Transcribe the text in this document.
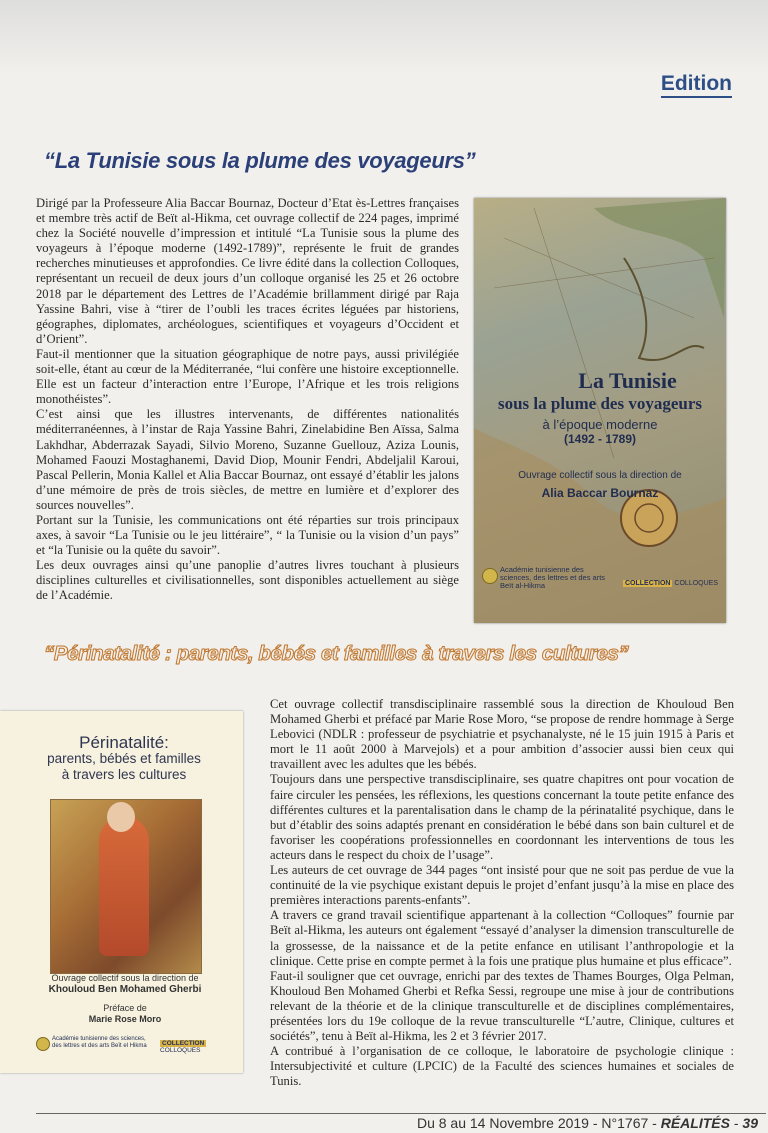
Edition
“La Tunisie sous la plume des voyageurs”

Dirigé par la Professeure Alia Baccar Bournaz, Docteur d’Etat ès-Lettres françaises et membre très actif de Beït al-Hikma, cet ouvrage collectif de 224 pages, imprimé chez la Société nouvelle d’impression et intitulé “La Tunisie sous la plume des voyageurs à l’époque moderne (1492-1789)”, représente le fruit de grandes recherches minutieuses et approfondies. Ce livre édité dans la collection Colloques, représentant un recueil de deux jours d’un colloque organisé les 25 et 26 octobre 2018 par le département des Lettres de l’Académie brillamment dirigé par Raja Yassine Bahri, vise à “tirer de l’oubli les traces écrites léguées par historiens, géographes, diplomates, archéologues, scientifiques et voyageurs d’Occident et d’Orient”.

Faut-il mentionner que la situation géographique de notre pays, aussi privilégiée soit-elle, étant au cœur de la Méditerranée, “lui confère une histoire exceptionnelle. Elle est un facteur d’interaction entre l’Europe, l’Afrique et les trois religions monothéistes”.

C’est ainsi que les illustres intervenants, de différentes nationalités méditerranéennes, à l’instar de Raja Yassine Bahri, Zinelabidine Ben Aïssa, Salma Lakhdhar, Abderrazak Sayadi, Silvio Moreno, Suzanne Guellouz, Aziza Lounis, Mohamed Faouzi Mostaghanemi, David Diop, Mounir Fendri, Abdeljalil Karoui, Pascal Pellerin, Monia Kallel et Alia Baccar Bournaz, ont essayé d’établir les jalons d’une mémoire de près de trois siècles, de mettre en lumière et d’explorer des sources nouvelles”.

Portant sur la Tunisie, les communications ont été réparties sur trois principaux axes, à savoir “La Tunisie ou le jeu littéraire”, “ la Tunisie ou la vision d’un pays” et “la Tunisie ou la quête du savoir”.

Les deux ouvrages ainsi qu’une panoplie d’autres livres touchant à plusieurs disciplines culturelles et civilisationnelles, sont disponibles actuellement au siège de l’Académie.

La Tunisie
sous la plume des voyageurs
à l’époque moderne
(1492 - 1789)
Ouvrage collectif sous la direction de
Alia Baccar Bournaz
Académie tunisienne des sciences, des lettres et des arts Beït al-Hikma	COLLECTION COLLOQUES
“Périnatalité : parents, bébés et familles à travers les cultures”
Périnatalité:
parents, bébés et familles
à travers les cultures
Ouvrage collectif sous la direction de
Khouloud Ben Mohamed Gherbi
Préface de
Marie Rose Moro
Académie tunisienne des sciences, des lettres et des arts Beït el Hikma	COLLECTION COLLOQUES

Cet ouvrage collectif transdisciplinaire rassemblé sous la direction de Khouloud Ben Mohamed Gherbi et préfacé par Marie Rose Moro, “se propose de rendre hommage à Serge Lebovici (NDLR : professeur de psychiatrie et psychanalyste, né le 15 juin 1915 à Paris et mort le 11 août 2000 à Marvejols) et a pour ambition d’associer aussi bien ceux qui travaillent avec les adultes que les bébés.

Toujours dans une perspective transdisciplinaire, ses quatre chapitres ont pour vocation de faire circuler les pensées, les réflexions, les questions concernant la toute petite enfance des différentes cultures et la parentalisation dans le champ de la périnatalité psychique, dans le but d’établir des soins adaptés prenant en considération le bébé dans son bain culturel et de favoriser les coopérations professionnelles en coordonnant les interventions de tous les acteurs dans le respect du choix de l’usage”.

Les auteurs de cet ouvrage de 344 pages “ont insisté pour que ne soit pas perdue de vue la continuité de la vie psychique existant depuis le projet d’enfant jusqu’à la mise en place des premières interactions parents-enfants”.

A travers ce grand travail scientifique appartenant à la collection “Colloques” fournie par Beït al-Hikma, les auteurs ont également “essayé d’analyser la dimension transculturelle de la grossesse, de la naissance et de la petite enfance en utilisant l’anthropologie et la clinique. Cette prise en compte permet à la fois une pratique plus humaine et plus efficace”.

Faut-il souligner que cet ouvrage, enrichi par des textes de Thames Bourges, Olga Pelman, Khouloud Ben Mohamed Gherbi et Refka Sessi, regroupe une mise à jour de contributions relevant de la théorie et de la clinique transculturelle et de disciplines complémentaires, présentées lors du 19e colloque de la revue transculturelle “L’autre, Clinique, cultures et sociétés”, tenu à Beït al-Hikma, les 2 et 3 février 2017.

A contribué à l’organisation de ce colloque, le laboratoire de psychologie clinique : Intersubjectivité et culture (LPCIC) de la Faculté des sciences humaines et sociales de Tunis.

Du 8 au 14 Novembre 2019 - N°1767 - RÉALITÉS - 39
